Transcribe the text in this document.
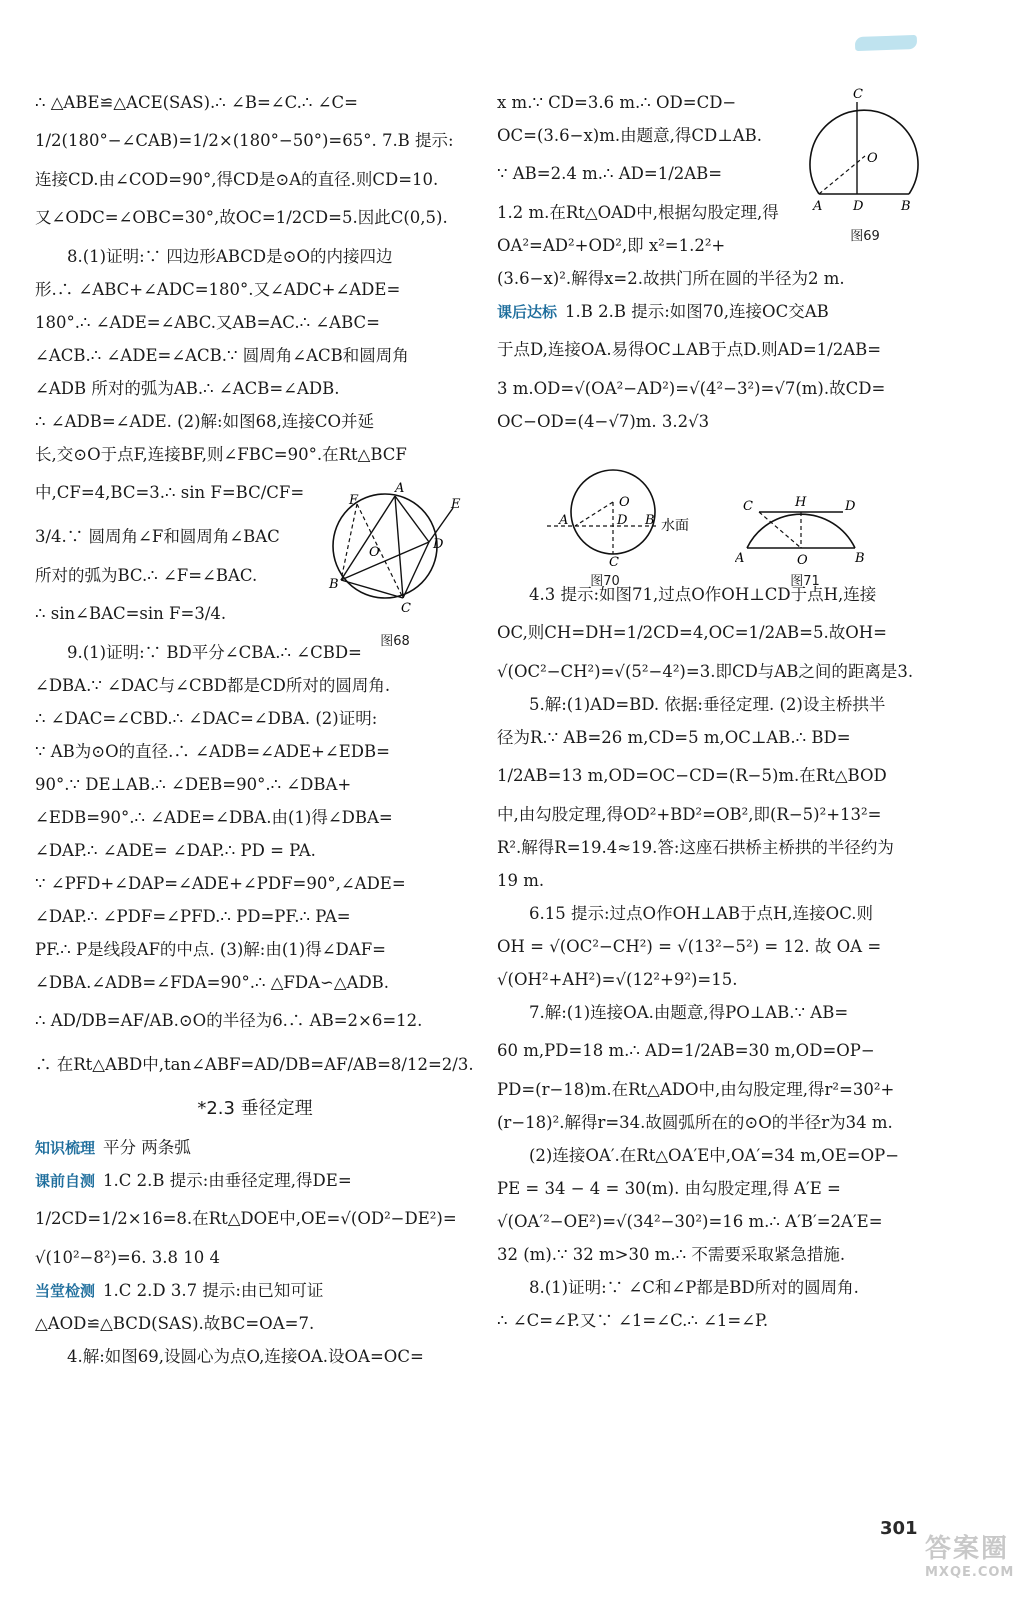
∴ △ABE≌△ACE(SAS).∴ ∠B=∠C.∴ ∠C=
1/2(180°−∠CAB)=1/2×(180°−50°)=65°. 7.B 提示:
连接CD.由∠COD=90°,得CD是⊙A的直径.则CD=10.
又∠ODC=∠OBC=30°,故OC=1/2CD=5.因此C(0,5).
8.(1)证明:∵ 四边形ABCD是⊙O的内接四边
形.∴ ∠ABC+∠ADC=180°.又∠ADC+∠ADE=
180°.∴ ∠ADE=∠ABC.又AB=AC.∴ ∠ABC=
∠ACB.∴ ∠ADE=∠ACB.∵ 圆周角∠ACB和圆周角
∠ADB 所对的弧为AB.∴ ∠ACB=∠ADB.
∴ ∠ADB=∠ADE. (2)解:如图68,连接CO并延
长,交⊙O于点F,连接BF,则∠FBC=90°.在Rt△BCF
中,CF=4,BC=3.∴ sin F=BC/CF=
3/4.∵ 圆周角∠F和圆周角∠BAC
所对的弧为BC.∴ ∠F=∠BAC.
∴ sin∠BAC=sin F=3/4.
9.(1)证明:∵ BD平分∠CBA.∴ ∠CBD=
∠DBA.∵ ∠DAC与∠CBD都是CD所对的圆周角.
∴ ∠DAC=∠CBD.∴ ∠DAC=∠DBA. (2)证明:
∵ AB为⊙O的直径.∴ ∠ADB=∠ADE+∠EDB=
90°.∵ DE⊥AB.∴ ∠DEB=90°.∴ ∠DBA+
∠EDB=90°.∴ ∠ADE=∠DBA.由(1)得∠DBA=
∠DAP.∴ ∠ADE= ∠DAP.∴ PD = PA.
∵ ∠PFD+∠DAP=∠ADE+∠PDF=90°,∠ADE=
∠DAP.∴ ∠PDF=∠PFD.∴ PD=PF.∴ PA=
PF.∴ P是线段AF的中点. (3)解:由(1)得∠DAF=
∠DBA.∠ADB=∠FDA=90°.∴ △FDA∽△ADB.
∴ AD/DB=AF/AB.⊙O的半径为6.∴ AB=2×6=12.
∴ 在Rt△ABD中,tan∠ABF=AD/DB=AF/AB=8/12=2/3.
*2.3 垂径定理
知识梳理 平分 两条弧
课前自测 1.C 2.B 提示:由垂径定理,得DE=
1/2CD=1/2×16=8.在Rt△DOE中,OE=√(OD²−DE²)=
√(10²−8²)=6. 3.8 10 4
当堂检测 1.C 2.D 3.7 提示:由已知可证
△AOD≌△BCD(SAS).故BC=OA=7.
4.解:如图69,设圆心为点O,连接OA.设OA=OC=
x m.∵ CD=3.6 m.∴ OD=CD−
OC=(3.6−x)m.由题意,得CD⊥AB.
∵ AB=2.4 m.∴ AD=1/2AB=
1.2 m.在Rt△OAD中,根据勾股定理,得
OA²=AD²+OD²,即 x²=1.2²+
(3.6−x)².解得x=2.故拱门所在圆的半径为2 m.
课后达标 1.B 2.B 提示:如图70,连接OC交AB
于点D,连接OA.易得OC⊥AB于点D.则AD=1/2AB=
3 m.OD=√(OA²−AD²)=√(4²−3²)=√7(m).故CD=
OC−OD=(4−√7)m. 3.2√3
4.3 提示:如图71,过点O作OH⊥CD于点H,连接
OC,则CH=DH=1/2CD=4,OC=1/2AB=5.故OH=
√(OC²−CH²)=√(5²−4²)=3.即CD与AB之间的距离是3.
5.解:(1)AD=BD. 依据:垂径定理. (2)设主桥拱半
径为R.∵ AB=26 m,CD=5 m,OC⊥AB.∴ BD=
1/2AB=13 m,OD=OC−CD=(R−5)m.在Rt△BOD
中,由勾股定理,得OD²+BD²=OB²,即(R−5)²+13²=
R².解得R=19.4≈19.答:这座石拱桥主桥拱的半径约为
19 m.
6.15 提示:过点O作OH⊥AB于点H,连接OC.则
OH = √(OC²−CH²) = √(13²−5²) = 12. 故 OA =
√(OH²+AH²)=√(12²+9²)=15.
7.解:(1)连接OA.由题意,得PO⊥AB.∵ AB=
60 m,PD=18 m.∴ AD=1/2AB=30 m,OD=OP−
PD=(r−18)m.在Rt△ADO中,由勾股定理,得r²=30²+
(r−18)².解得r=34.故圆弧所在的⊙O的半径r为34 m.
(2)连接OA′.在Rt△OA′E中,OA′=34 m,OE=OP−
PE = 34 − 4 = 30(m). 由勾股定理,得 A′E =
√(OA′²−OE²)=√(34²−30²)=16 m.∴ A′B′=2A′E=
32 (m).∵ 32 m>30 m.∴ 不需要采取紧急措施.
8.(1)证明:∵ ∠C和∠P都是BD所对的圆周角.
∴ ∠C=∠P.又∵ ∠1=∠C.∴ ∠1=∠P.
F
A
E
O
D
B
C
图68
C
O
A D	B
图69
O
A	D B
C
水面
图70
C	H	D
A	O	B
图71
301
答案圈
MXQE.COM
